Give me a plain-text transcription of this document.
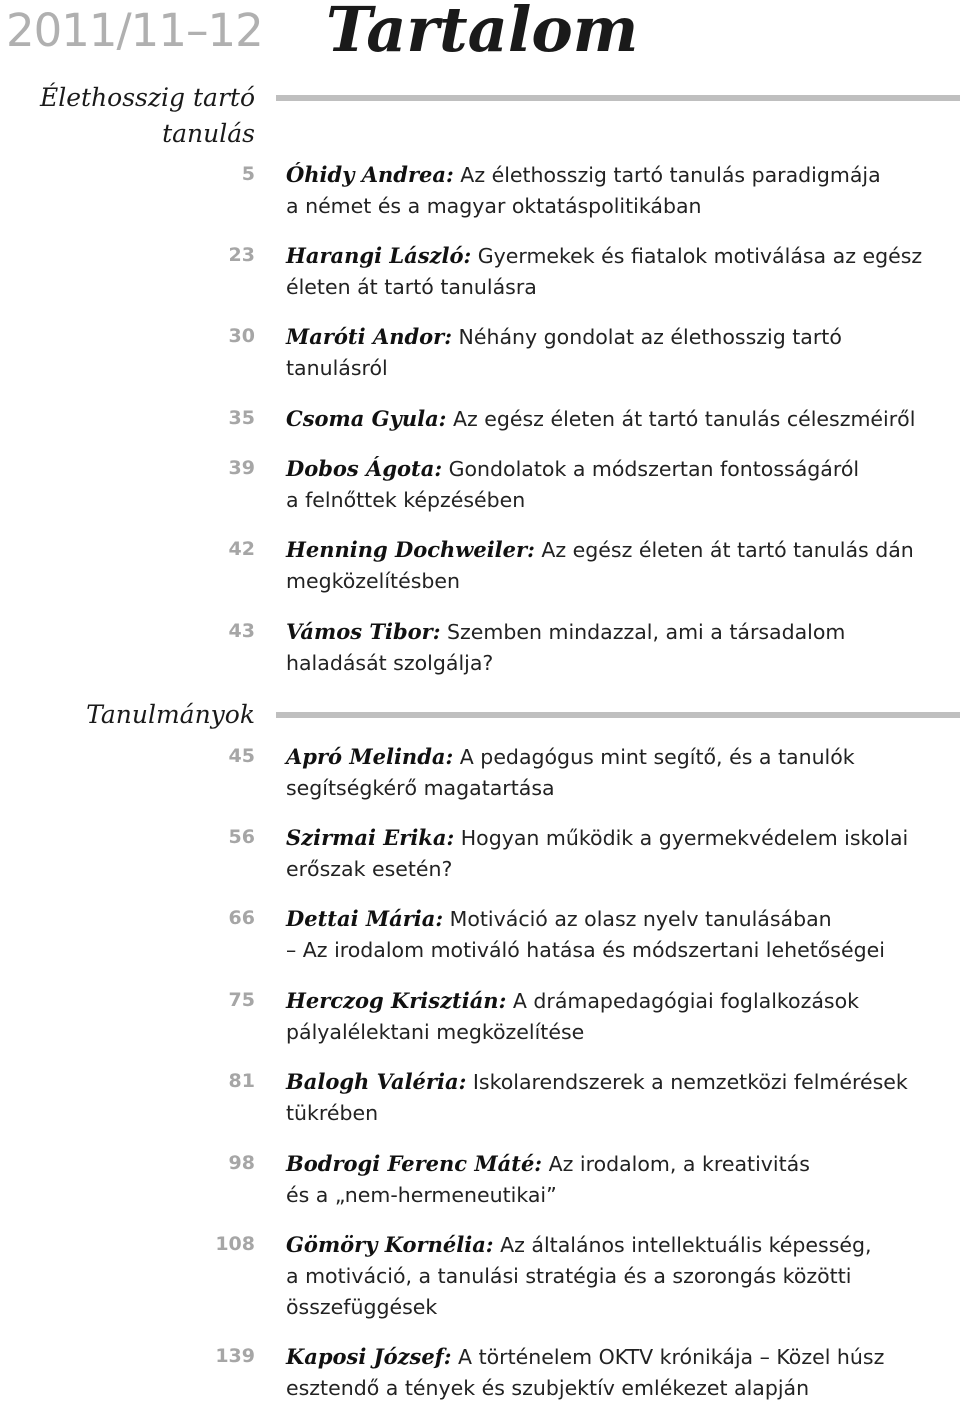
2011/11–12 Tartalom
Élethosszig tartó
tanulás
5 Óhidy Andrea: Az élethosszig tartó tanulás paradigmája
a német és a magyar oktatáspolitikában
23 Harangi László: Gyermekek és fiatalok motiválása az egész
életen át tartó tanulásra
30 Maróti Andor: Néhány gondolat az élethosszig tartó
tanulásról
35 Csoma Gyula: Az egész életen át tartó tanulás céleszméiről
39 Dobos Ágota: Gondolatok a módszertan fontosságáról
a felnőttek képzésében
42 Henning Dochweiler: Az egész életen át tartó tanulás dán
megközelítésben
43 Vámos Tibor: Szemben mindazzal, ami a társadalom
haladását szolgálja?
Tanulmányok
45 Apró Melinda: A pedagógus mint segítő, és a tanulók
segítségkérő magatartása
56 Szirmai Erika: Hogyan működik a gyermekvédelem iskolai
erőszak esetén?
66 Dettai Mária: Motiváció az olasz nyelv tanulásában
– Az irodalom motiváló hatása és módszertani lehetőségei
75 Herczog Krisztián: A drámapedagógiai foglalkozások
pályalélektani megközelítése
81 Balogh Valéria: Iskolarendszerek a nemzetközi felmérések
tükrében
98 Bodrogi Ferenc Máté: Az irodalom, a kreativitás
és a „nem-hermeneutikai”
108 Gömöry Kornélia: Az általános intellektuális képesség,
a motiváció, a tanulási stratégia és a szorongás közötti
összefüggések
139 Kaposi József: A történelem OKTV krónikája – Közel húsz
esztendő a tények és szubjektív emlékezet alapján
